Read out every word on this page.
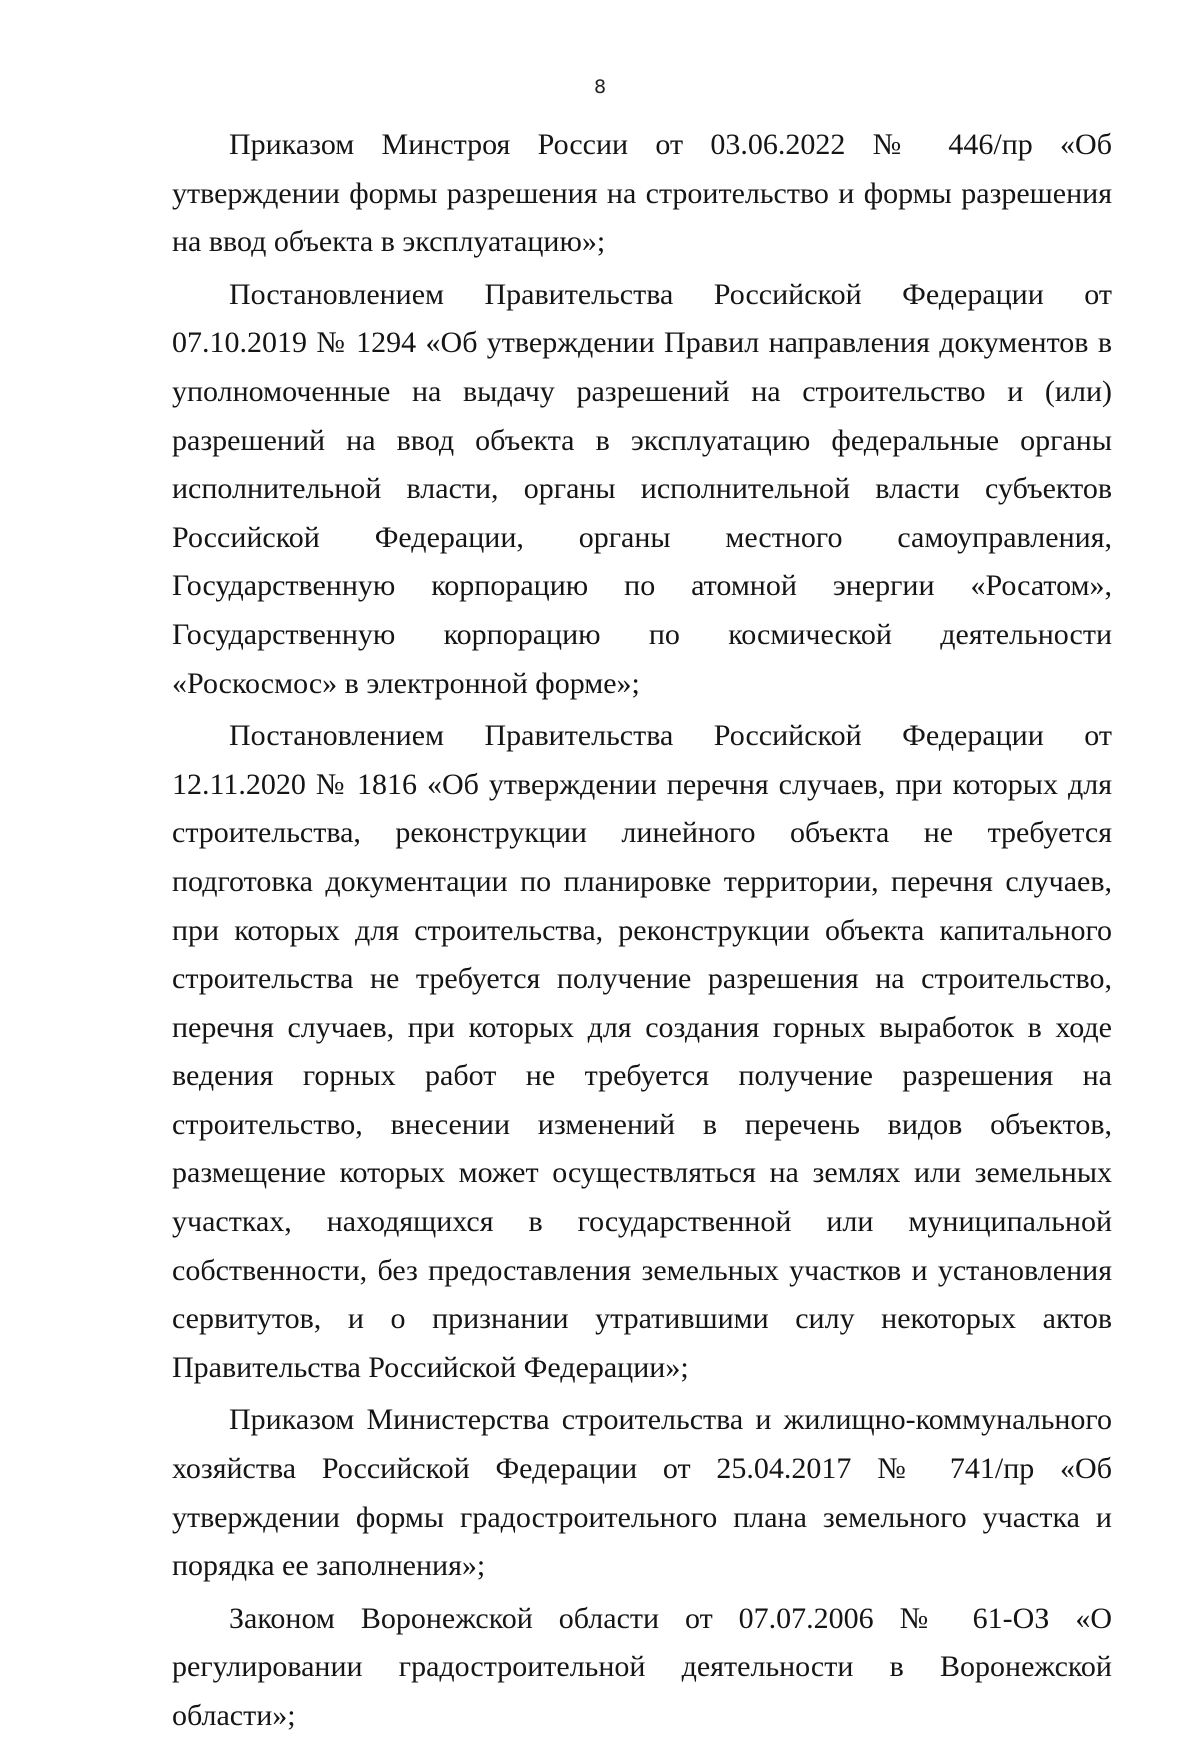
8

Приказом Минстроя России от 03.06.2022 № 446/пр «Об утверждении формы разрешения на строительство и формы разрешения на ввод объекта в эксплуатацию»;

Постановлением Правительства Российской Федерации от 07.10.2019 № 1294 «Об утверждении Правил направления документов в уполномоченные на выдачу разрешений на строительство и (или) разрешений на ввод объекта в эксплуатацию федеральные органы исполнительной власти, органы исполнительной власти субъектов Российской Федерации, органы местного самоуправления, Государственную корпорацию по атомной энергии «Росатом», Государственную корпорацию по космической деятельности «Роскосмос» в электронной форме»;

Постановлением Правительства Российской Федерации от 12.11.2020 № 1816 «Об утверждении перечня случаев, при которых для строительства, реконструкции линейного объекта не требуется подготовка документации по планировке территории, перечня случаев, при которых для строительства, реконструкции объекта капитального строительства не требуется получение разрешения на строительство, перечня случаев, при которых для создания горных выработок в ходе ведения горных работ не требуется получение разрешения на строительство, внесении изменений в перечень видов объектов, размещение которых может осуществляться на землях или земельных участках, находящихся в государственной или муниципальной собственности, без предоставления земельных участков и установления сервитутов, и о признании утратившими силу некоторых актов Правительства Российской Федерации»;

Приказом Министерства строительства и жилищно-коммунального хозяйства Российской Федерации от 25.04.2017 № 741/пр «Об утверждении формы градостроительного плана земельного участка и порядка ее заполнения»;

Законом Воронежской области от 07.07.2006 № 61-ОЗ «О регулировании градостроительной деятельности в Воронежской области»;
